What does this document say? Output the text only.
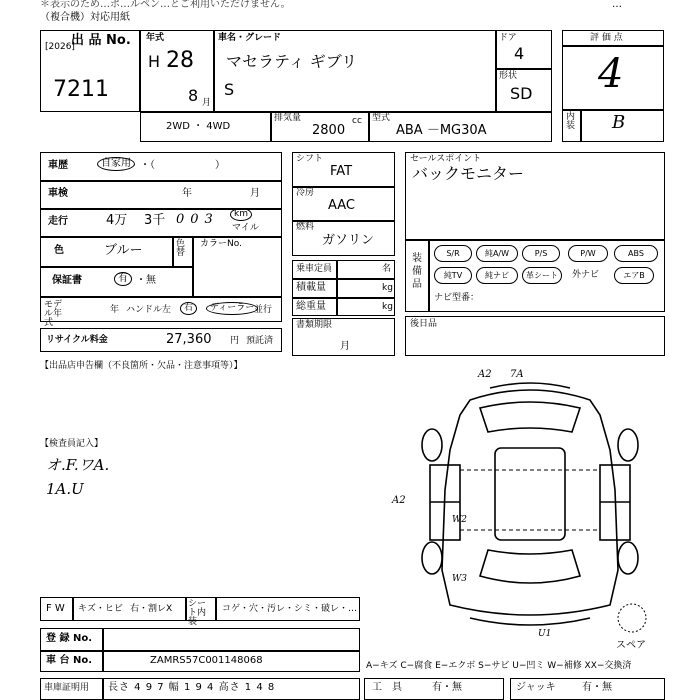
＊表示のため…ポ…ルペン…とご利用いただけません。	…
（複合機）対応用紙
出 品 No.
[2026]
7211
年式
H 28
8 月
車名・グレード
マセラティ ギブリ
S
ドア
4
形状
SD
評 価 点
4
内装 B
2WD ・ 4WD
排気量
2800
cc 型式
ABA －MG30A
車歴	自家用 ・（　　　　　　）
車検	年	月
走行	4万 3千 003	km
マイル
色	ブルー	色替
カラーNo.
保証書	有 ・無
モデル年式
年 ハンドル 左	右	ディーラー 並行
リサイクル料金	27,360 円 預託済
シフト
FAT
冷房
AAC
燃料
ガソリン
乗車定員	名
積載量	kg
総重量	kg
書類期限
月
セールスポイント
バックモニター
装備品
S/R	純A/W	P/S	P/W	ABS
純TV	純ナビ	革シート	外ナビ	エアB
ナビ型番：
後日品
【出品店申告欄（不良箇所・欠品・注意事項等）】
【検査員記入】
オ.F.ワA.
1A.U
A2 7A
A2
W2
W3
U1
スペア
F W キズ・ヒビ 右・割レX シート内装
コゲ・穴・汚レ・シミ・破レ・…
登 録 No.
車 台 No.	ZAMRS57C001148068	A−キズ C−腐食 E−エクボ S−サビ U−凹ミ W−補修 XX−交換済
車庫証明用 長さ 4 9 7 幅 1 9 4 高さ 1 4 8	工　具	有・無	ジャッキ	有・無
